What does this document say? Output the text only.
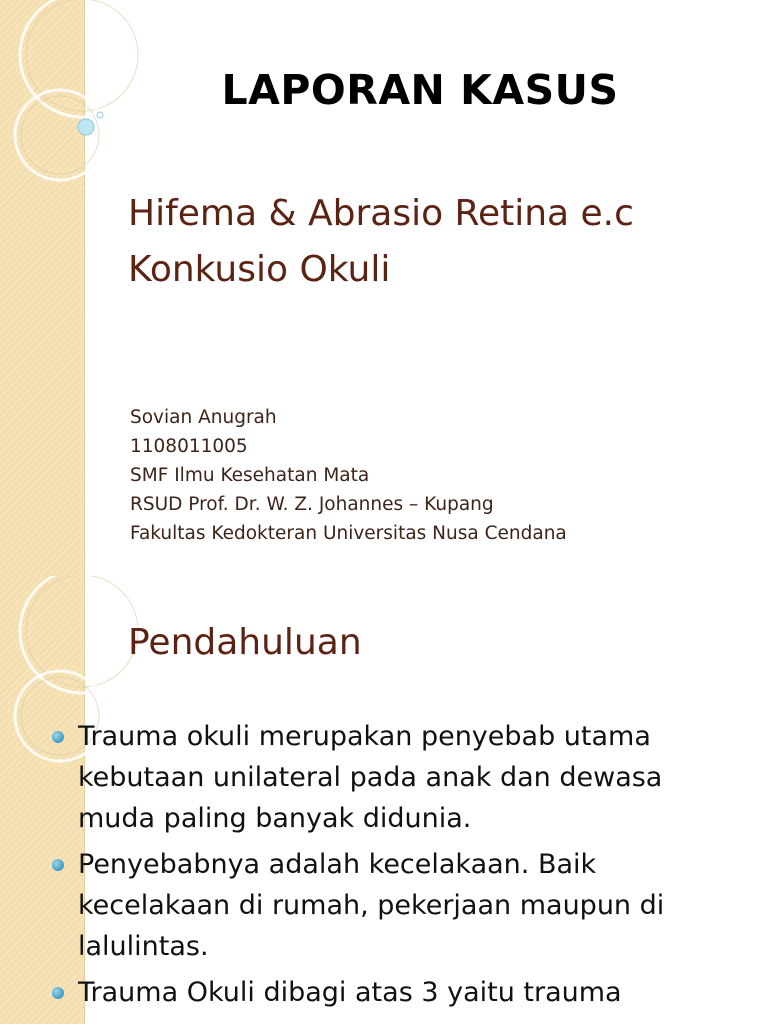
LAPORAN KASUS
Hifema & Abrasio Retina e.c
Konkusio Okuli
Sovian Anugrah
1108011005
SMF Ilmu Kesehatan Mata
RSUD Prof. Dr. W. Z. Johannes – Kupang
Fakultas Kedokteran Universitas Nusa Cendana
Pendahuluan
Trauma okuli merupakan penyebab utama
kebutaan unilateral pada anak dan dewasa
muda paling banyak didunia.
Penyebabnya adalah kecelakaan. Baik
kecelakaan di rumah, pekerjaan maupun di
lalulintas.
Trauma Okuli dibagi atas 3 yaitu trauma
